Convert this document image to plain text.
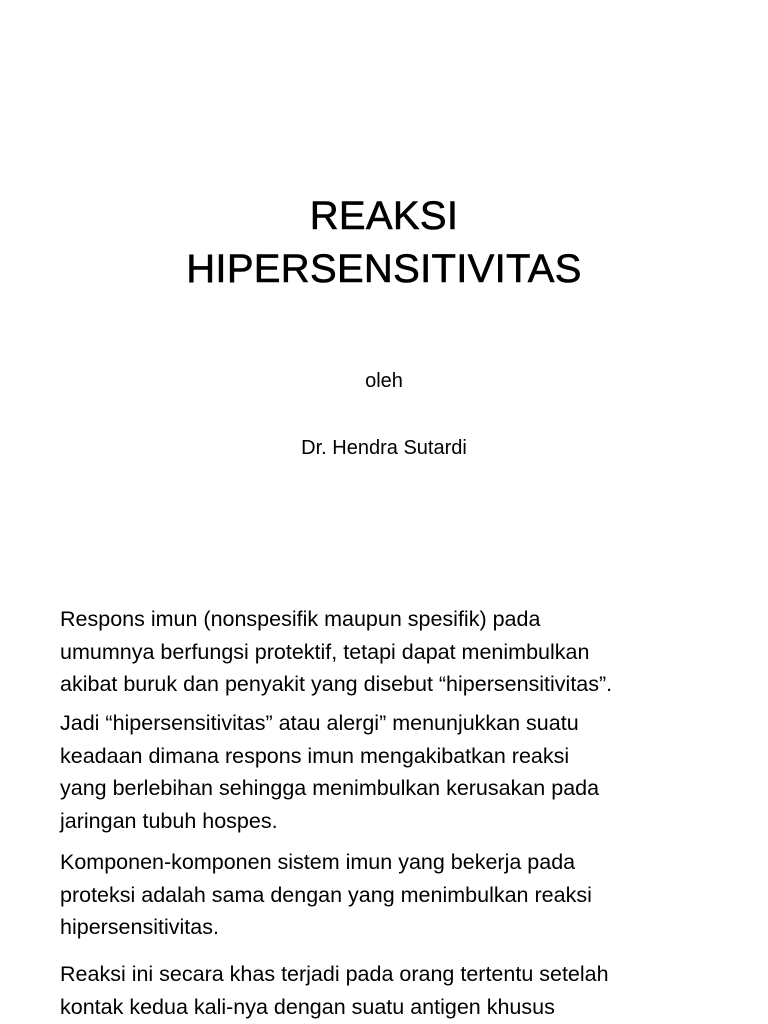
REAKSI
HIPERSENSITIVITAS

oleh

Dr. Hendra Sutardi

Respons imun (nonspesifik maupun spesifik) pada
umumnya berfungsi protektif, tetapi dapat menimbulkan
akibat buruk dan penyakit yang disebut “hipersensitivitas”.

Jadi “hipersensitivitas” atau alergi” menunjukkan suatu
keadaan dimana respons imun mengakibatkan reaksi
yang berlebihan sehingga menimbulkan kerusakan pada
jaringan tubuh hospes.

Komponen-komponen sistem imun yang bekerja pada
proteksi adalah sama dengan yang menimbulkan reaksi
hipersensitivitas.

Reaksi ini secara khas terjadi pada orang tertentu setelah
kontak kedua kali-nya dengan suatu antigen khusus
